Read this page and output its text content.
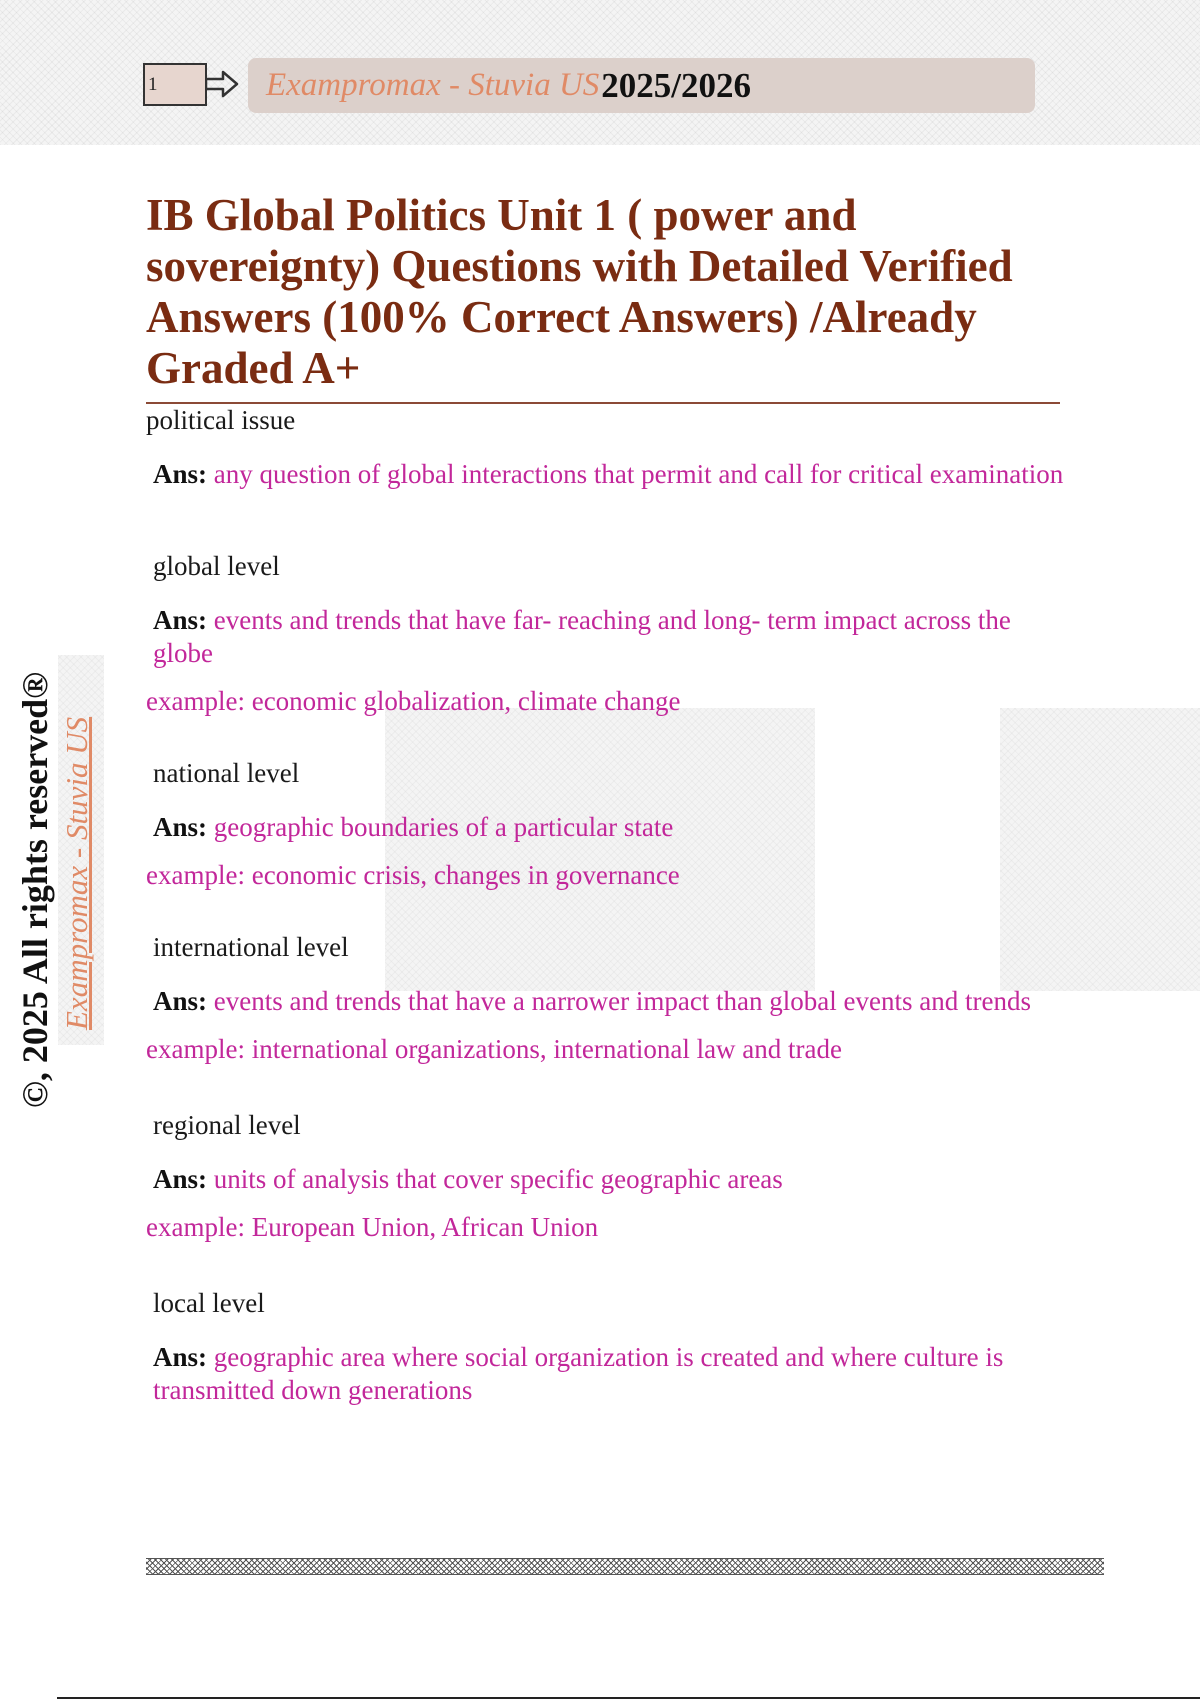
1	Exampromax - Stuvia US 2025/2026
©, 2025 All rights reserved® Exampromax - Stuvia US
IB Global Politics Unit 1 ( power and sovereignty) Questions with Detailed Verified Answers (100% Correct Answers) /Already Graded A+
political issue
Ans: any question of global interactions that permit and call for critical examination
global level
Ans: events and trends that have far- reaching and long- term impact across the globe
example: economic globalization, climate change
national level
Ans: geographic boundaries of a particular state
example: economic crisis, changes in governance
international level
Ans: events and trends that have a narrower impact than global events and trends
example: international organizations, international law and trade
regional level
Ans: units of analysis that cover specific geographic areas
example: European Union, African Union
local level
Ans: geographic area where social organization is created and where culture is transmitted down generations
